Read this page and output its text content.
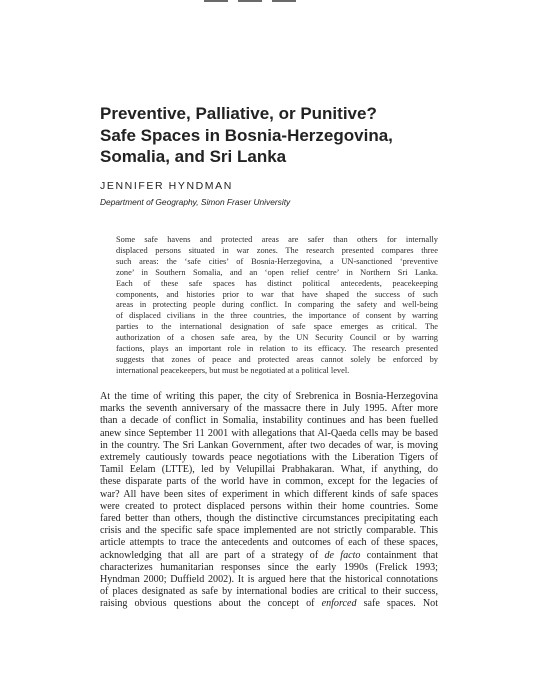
Preventive, Palliative, or Punitive?
Safe Spaces in Bosnia-Herzegovina,
Somalia, and Sri Lanka
JENNIFER HYNDMAN
Department of Geography, Simon Fraser University
Some safe havens and protected areas are safer than others for internally
displaced persons situated in war zones. The research presented compares three
such areas: the ‘safe cities’ of Bosnia-Herzegovina, a UN-sanctioned ‘preventive
zone’ in Southern Somalia, and an ‘open relief centre’ in Northern Sri Lanka.
Each of these safe spaces has distinct political antecedents, peacekeeping
components, and histories prior to war that have shaped the success of such
areas in protecting people during conflict. In comparing the safety and well-being
of displaced civilians in the three countries, the importance of consent by warring
parties to the international designation of safe space emerges as critical. The
authorization of a chosen safe area, by the UN Security Council or by warring
factions, plays an important role in relation to its efficacy. The research presented
suggests that zones of peace and protected areas cannot solely be enforced by
international peacekeepers, but must be negotiated at a political level.
At the time of writing this paper, the city of Srebrenica in Bosnia-Herzegovina
marks the seventh anniversary of the massacre there in July 1995. After more
than a decade of conflict in Somalia, instability continues and has been fuelled
anew since September 11 2001 with allegations that Al-Qaeda cells may be based
in the country. The Sri Lankan Government, after two decades of war, is moving
extremely cautiously towards peace negotiations with the Liberation Tigers of
Tamil Eelam (LTTE), led by Velupillai Prabhakaran. What, if anything, do
these disparate parts of the world have in common, except for the legacies of
war? All have been sites of experiment in which different kinds of safe spaces
were created to protect displaced persons within their home countries. Some
fared better than others, though the distinctive circumstances precipitating each
crisis and the specific safe space implemented are not strictly comparable. This
article attempts to trace the antecedents and outcomes of each of these spaces,
acknowledging that all are part of a strategy of de facto containment that
characterizes humanitarian responses since the early 1990s (Frelick 1993;
Hyndman 2000; Duffield 2002). It is argued here that the historical connotations
of places designated as safe by international bodies are critical to their success,
raising obvious questions about the concept of enforced safe spaces. Not
